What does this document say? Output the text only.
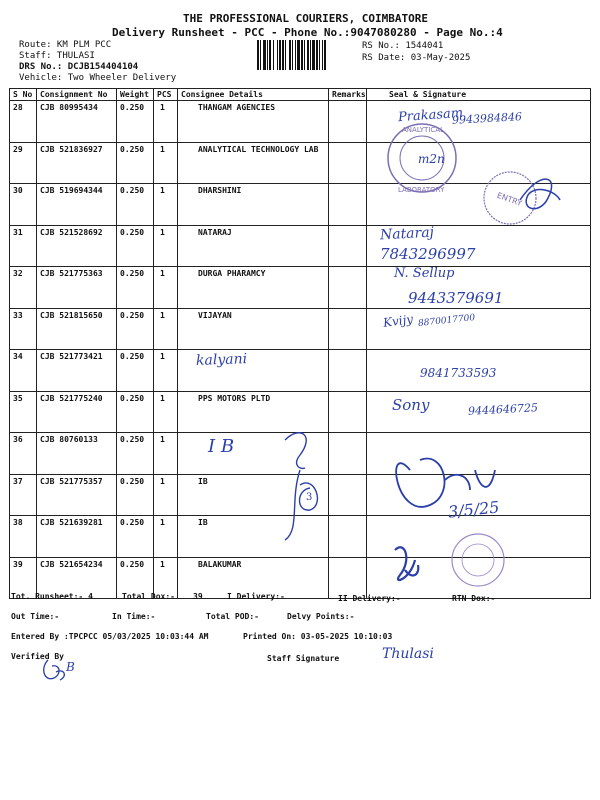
THE PROFESSIONAL COURIERS, COIMBATORE
Delivery Runsheet - PCC - Phone No.:9047080280 - Page No.:4
Route: KM PLM PCC
Staff: THULASI
DRS No.: DCJB154404104
Vehicle: Two Wheeler Delivery
RS No.: 1544041
RS Date: 03-May-2025
S No	Consignment No	Weight	PCS	Consignee Details	Remarks	Seal & Signature
28	CJB 80995434	0.250	1	THANGAM AGENCIES		
29	CJB 521836927	0.250	1	ANALYTICAL TECHNOLOGY LAB		
30	CJB 519694344	0.250	1	DHARSHINI		
31	CJB 521528692	0.250	1	NATARAJ		
32	CJB 521775363	0.250	1	DURGA PHARAMCY		
33	CJB 521815650	0.250	1	VIJAYAN		
34	CJB 521773421	0.250	1			
35	CJB 521775240	0.250	1	PPS MOTORS PLTD		
36	CJB 80760133	0.250	1			
37	CJB 521775357	0.250	1	IB		
38	CJB 521639281	0.250	1	IB		
39	CJB 521654234	0.250	1	BALAKUMAR		
ANALYTICAL
LABORATORY
ENTRY
3
Prakasam
9943984846
m2n
Nataraj
7843296997
N. Sellup
9443379691
Kvijy 8870017700
kalyani
9841733593
Sony	9444646725
I B
3/5/25
Thulasi
B
Tot. Runsheet:- 4	Total Dox:- 39	I Delivery:-	II Delivery:-	RTN Dox:-
Out Time:-	In Time:-	Total POD:-	Delvy Points:-
Entered By :TPCPCC 05/03/2025 10:03:44 AM	Printed On: 03-05-2025 10:10:03
Verified By	Staff Signature
